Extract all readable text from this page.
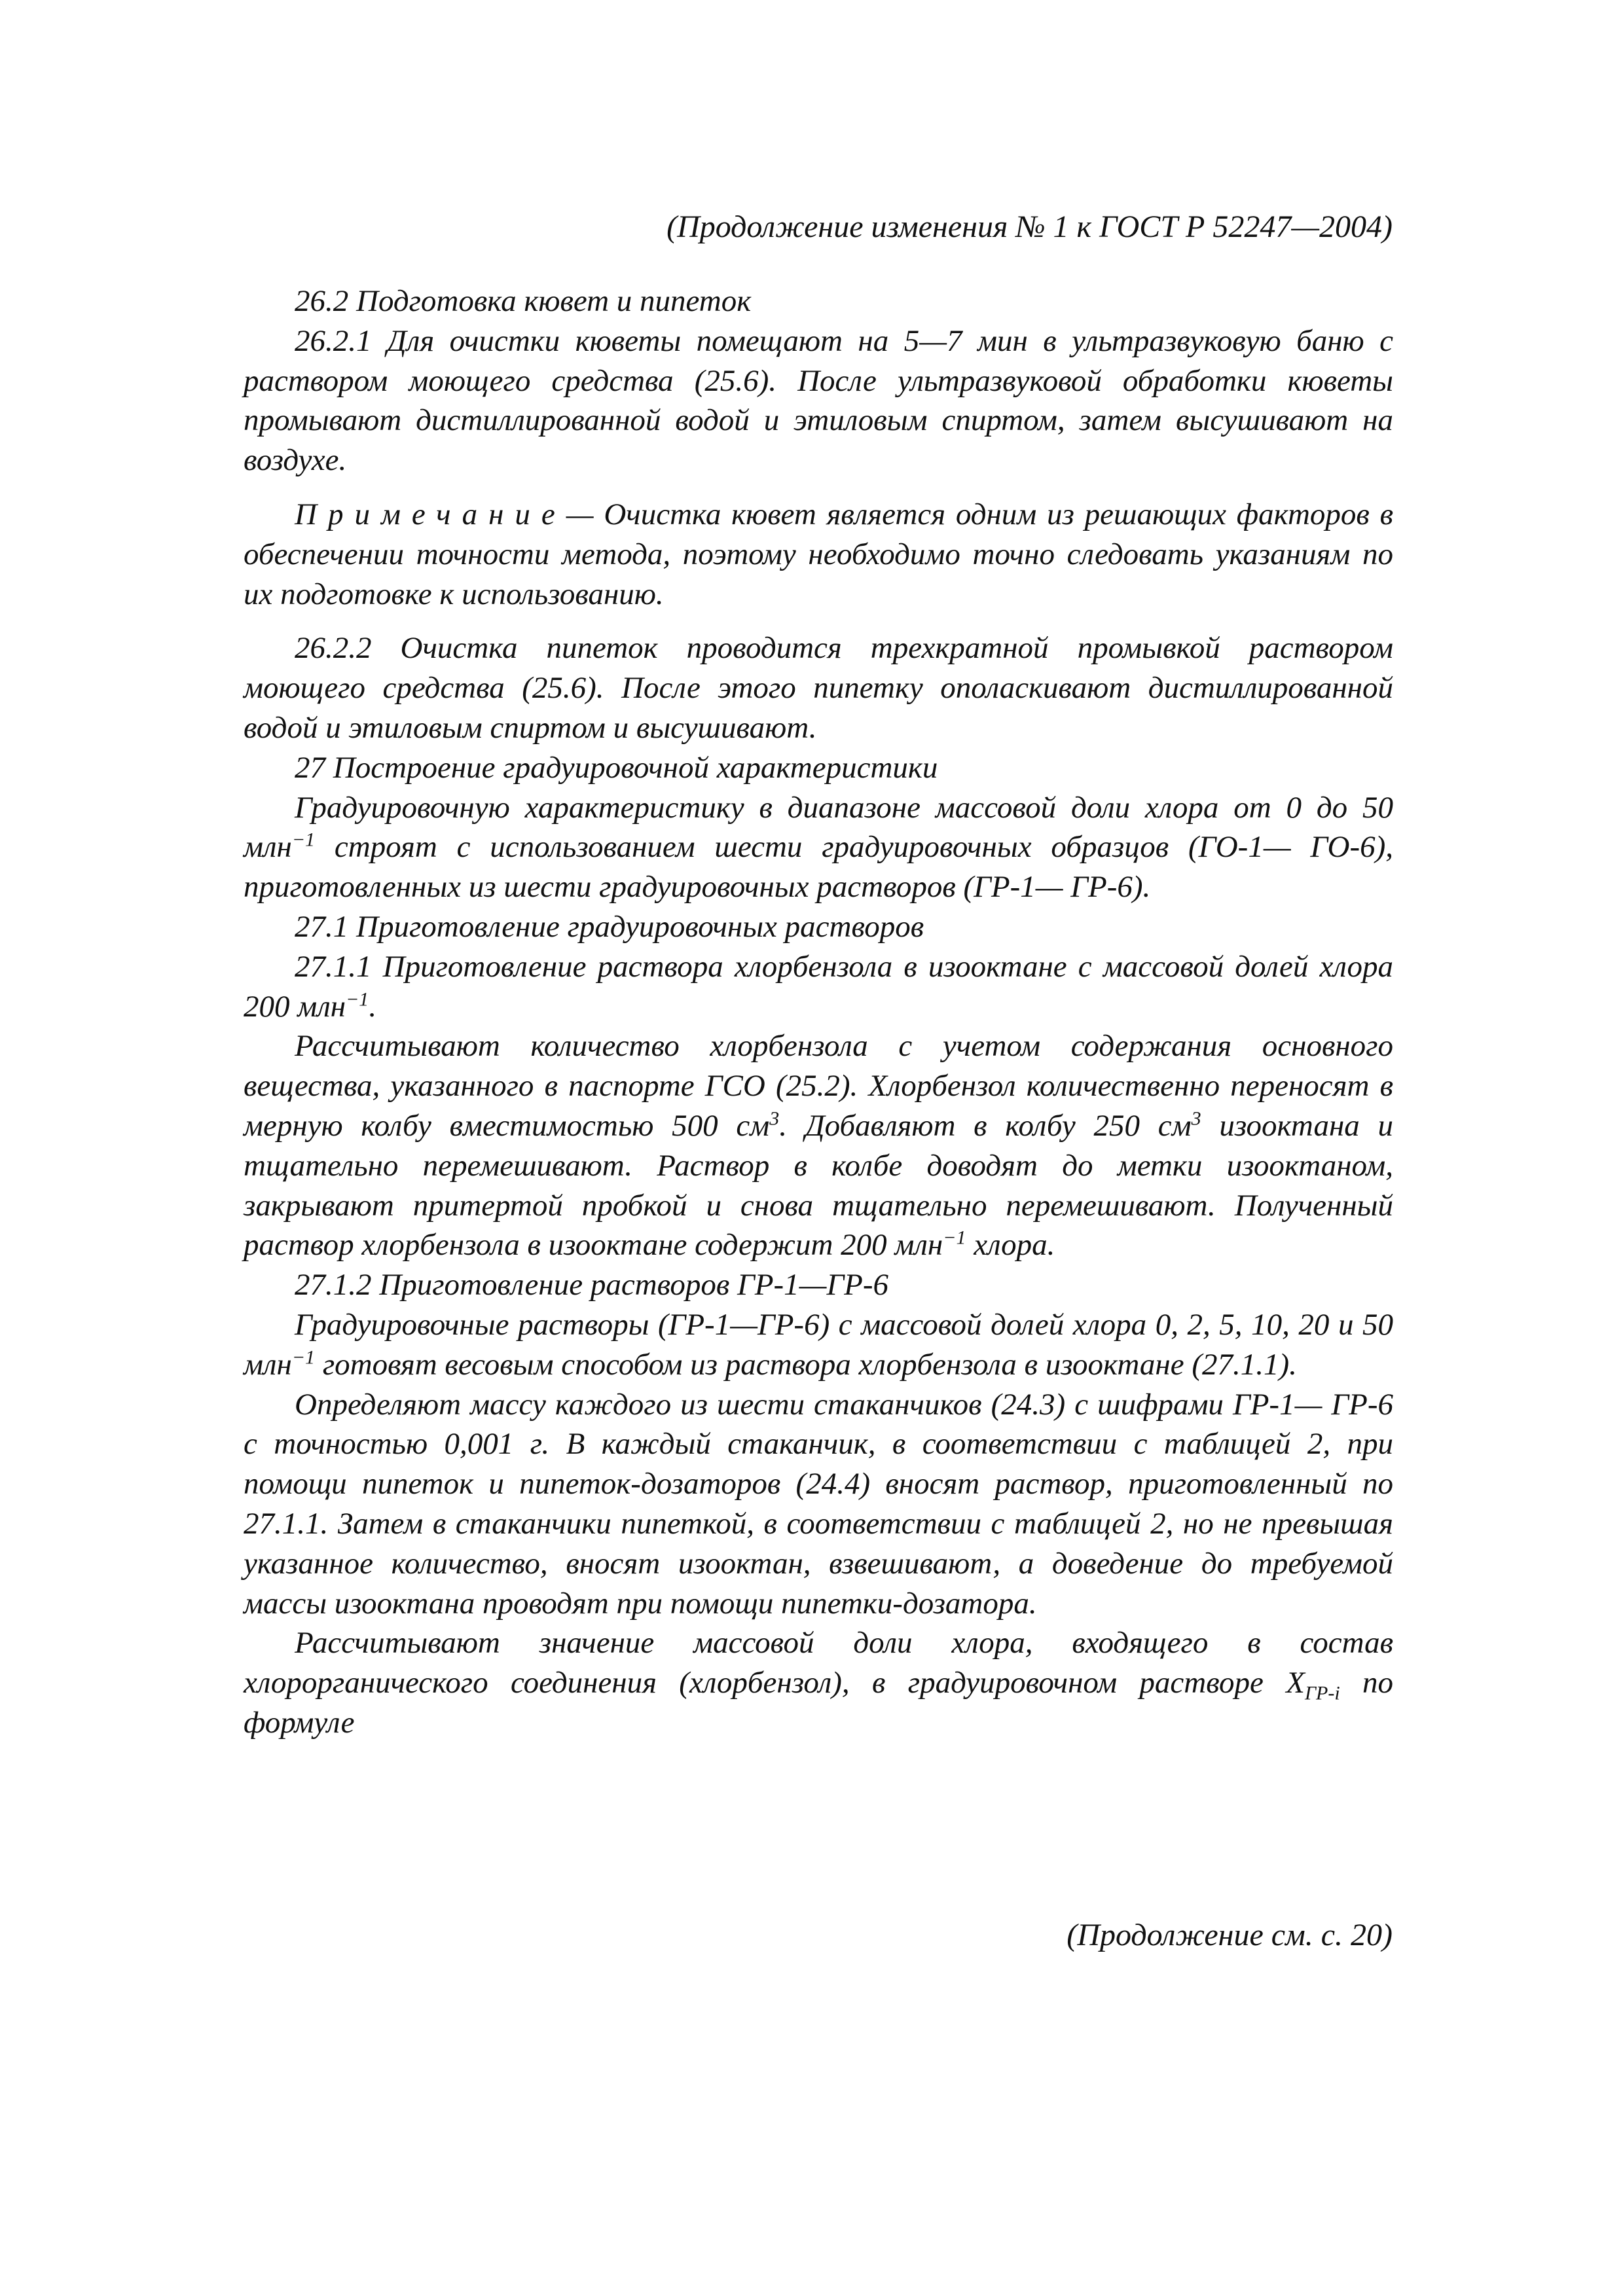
(Продолжение изменения № 1 к ГОСТ Р 52247—2004)

26.2 Подготовка кювет и пипеток

26.2.1 Для очистки кюветы помещают на 5—7 мин в ультразвуковую баню с раствором моющего средства (25.6). После ультразвуковой обработки кюветы промывают дистиллированной водой и этиловым спиртом, затем высушивают на воздухе.

Примечание— Очистка кювет является одним из решающих факторов в обеспечении точности метода, поэтому необходимо точно следовать указаниям по их подготовке к использованию.

26.2.2 Очистка пипеток проводится трехкратной промывкой раствором моющего средства (25.6). После этого пипетку ополаскивают дистиллированной водой и этиловым спиртом и высушивают.

27 Построение градуировочной характеристики

Градуировочную характеристику в диапазоне массовой доли хлора от 0 до 50 млн$^{-1}$ строят с использованием шести градуировочных образцов (ГО-1— ГО-6), приготовленных из шести градуировочных растворов (ГР-1— ГР-6).

27.1 Приготовление градуировочных растворов

27.1.1 Приготовление раствора хлорбензола в изооктане с массовой долей хлора 200 млн$^{-1}$.

Рассчитывают количество хлорбензола с учетом содержания основного вещества, указанного в паспорте ГСО (25.2). Хлорбензол количественно переносят в мерную колбу вместимостью 500 $см^3$. Добавляют в колбу 250 $см^3$ изооктана и тщательно перемешивают. Раствор в колбе доводят до метки изооктаном, закрывают притертой пробкой и снова тщательно перемешивают. Полученный раствор хлорбензола в изооктане содержит 200 млн$^{-1}$ хлора.

27.1.2 Приготовление растворов ГР-1—ГР-6

Градуировочные растворы (ГР-1—ГР-6) с массовой долей хлора 0, 2, 5, 10, 20 и 50 млн$^{-1}$ готовят весовым способом из раствора хлорбензола в изооктане (27.1.1).

Определяют массу каждого из шести стаканчиков (24.3) с шифрами ГР-1— ГР-6 с точностью 0,001 г. В каждый стаканчик, в соответствии с таблицей 2, при помощи пипеток и пипеток-дозаторов (24.4) вносят раствор, приготовленный по 27.1.1. Затем в стаканчики пипеткой, в соответствии с таблицей 2, но не превышая указанное количество, вносят изооктан, взвешивают, а доведение до требуемой массы изооктана проводят при помощи пипетки-дозатора.

Рассчитывают значение массовой доли хлора, входящего в состав хлорорганического соединения (хлорбензол), в градуировочном растворе $X_{ГР-i}$ по формуле

(Продолжение см. с. 20)
